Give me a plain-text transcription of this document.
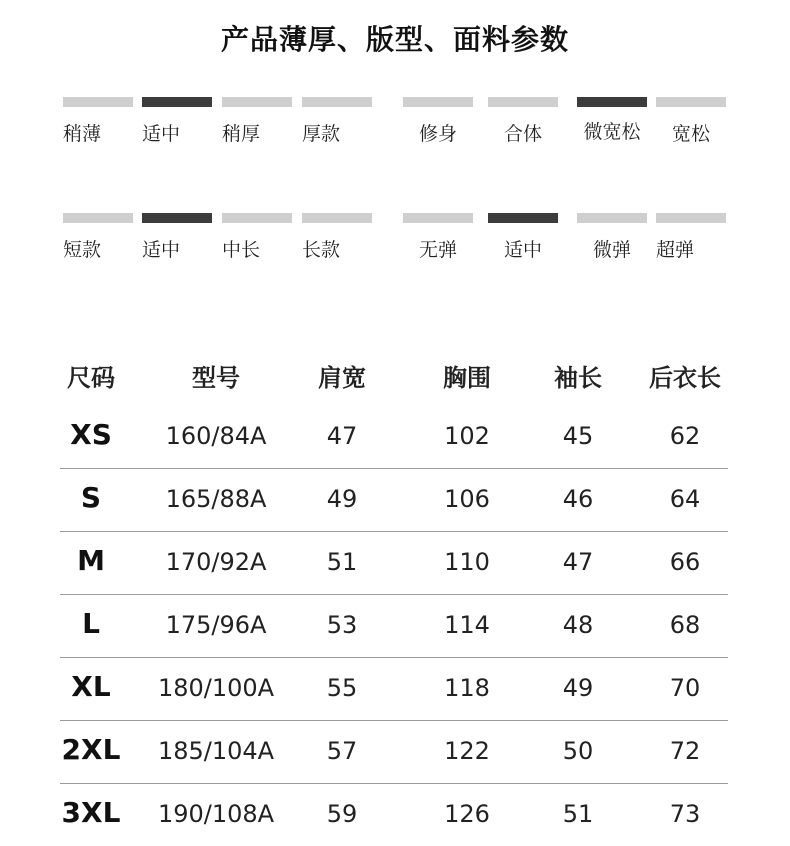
产品薄厚、版型、面料参数
稍薄	适中	稍厚	厚款	修身	合体	微宽松	宽松
短款	适中	中长	长款	无弹	适中	微弹	超弹
尺码	型号	肩宽	胸围	袖长	后衣长
XS	160/84A	47	102	45	62
S	165/88A	49	106	46	64
M	170/92A	51	110	47	66
L	175/96A	53	114	48	68
XL	180/100A	55	118	49	70
2XL 185/104A	57	122	50	72
3XL 190/108A	59	126	51	73
